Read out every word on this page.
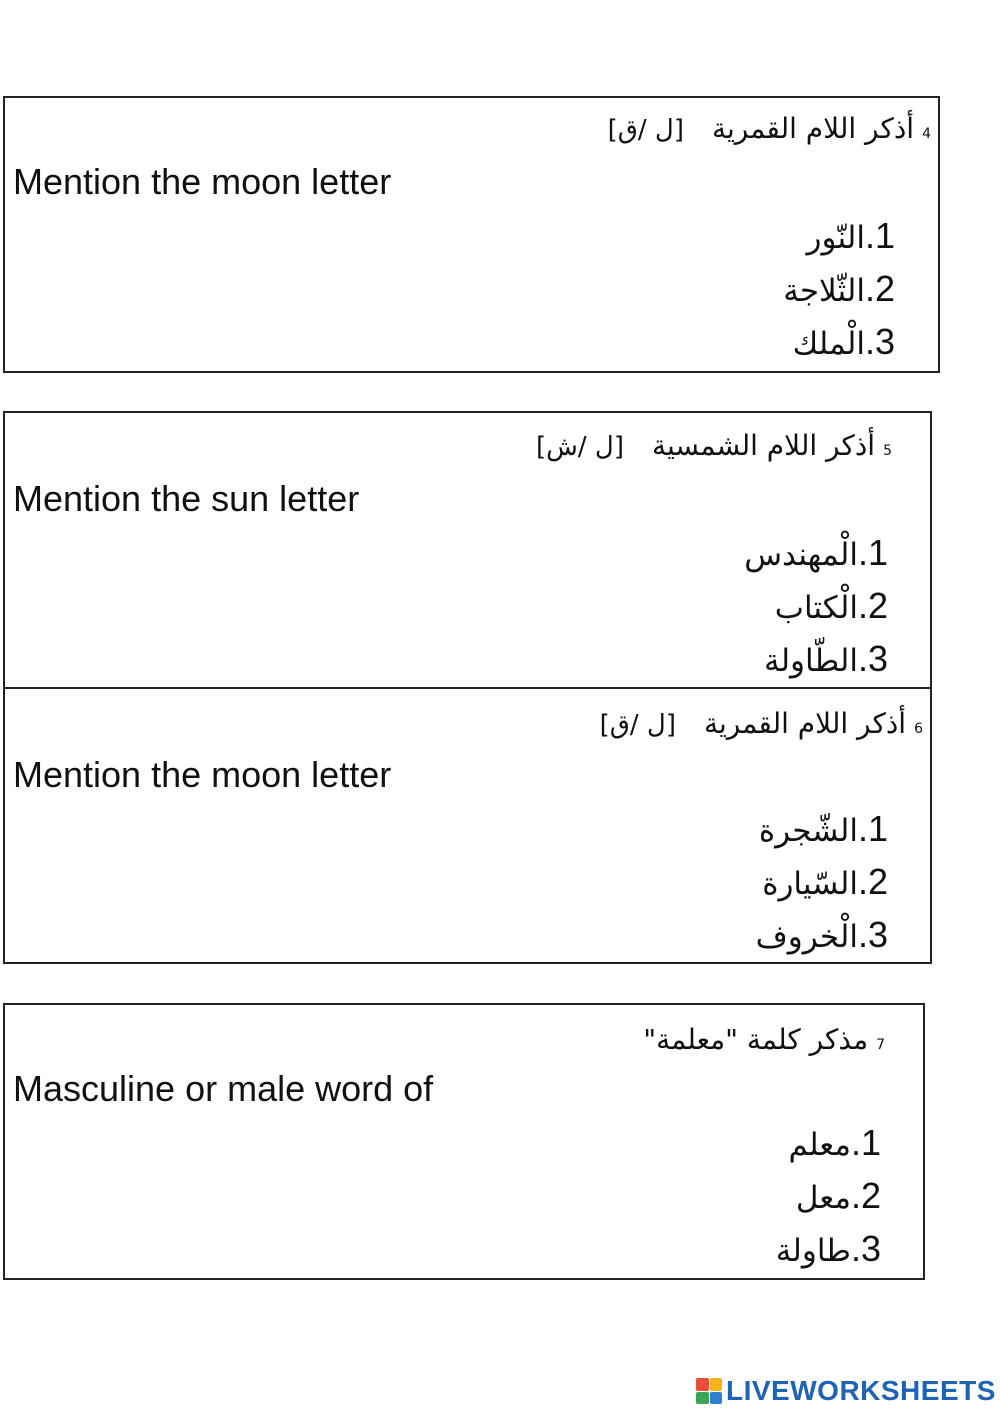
4أذكر اللام القمرية[ل /ق]
Mention the moon letter
1.النّور
2.الثّلاجة
3.الْملك
5أذكر اللام الشمسية[ل /ش]
Mention the sun letter
1.الْمهندس
2.الْكتاب
3.الطّاولة
6أذكر اللام القمرية[ل /ق]
Mention the moon letter
1.الشّجرة
2.السّيارة
3.الْخروف
7مذكر كلمة "معلمة"
Masculine or male word of
1.معلم
2.معل
3.طاولة
LIVEWORKSHEETS
